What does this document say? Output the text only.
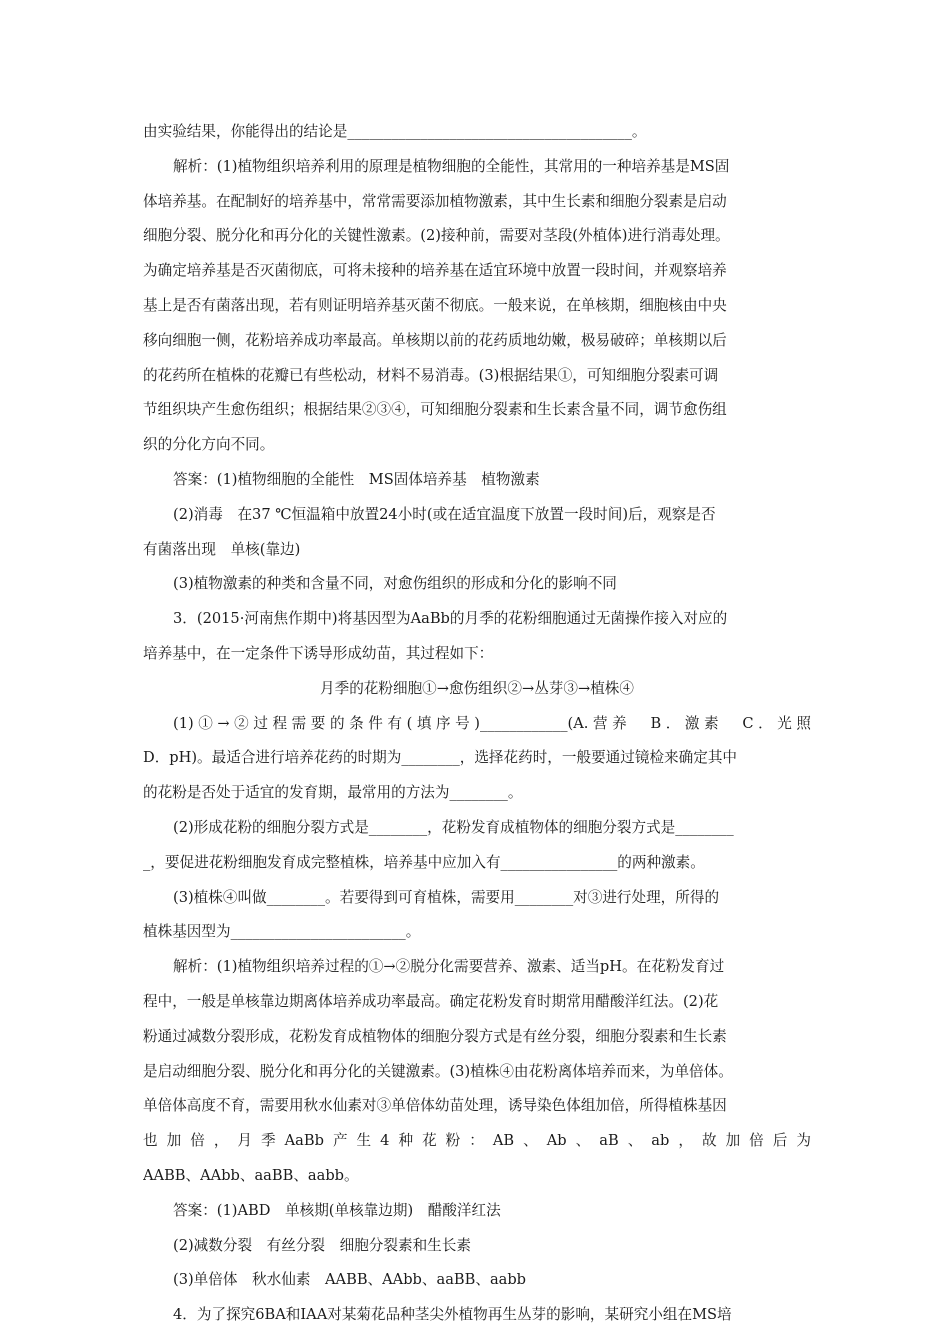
由实验结果，你能得出的结论是_______________________________________。
解析：(1)植物组织培养利用的原理是植物细胞的全能性，其常用的一种培养基是MS固
体培养基。在配制好的培养基中，常常需要添加植物激素，其中生长素和细胞分裂素是启动
细胞分裂、脱分化和再分化的关键性激素。(2)接种前，需要对茎段(外植体)进行消毒处理。
为确定培养基是否灭菌彻底，可将未接种的培养基在适宜环境中放置一段时间，并观察培养
基上是否有菌落出现，若有则证明培养基灭菌不彻底。一般来说，在单核期，细胞核由中央
移向细胞一侧，花粉培养成功率最高。单核期以前的花药质地幼嫩，极易破碎；单核期以后
的花药所在植株的花瓣已有些松动，材料不易消毒。(3)根据结果①，可知细胞分裂素可调
节组织块产生愈伤组织；根据结果②③④，可知细胞分裂素和生长素含量不同，调节愈伤组
织的分化方向不同。
答案：(1)植物细胞的全能性　MS固体培养基　植物激素
(2)消毒　在37 ℃恒温箱中放置24小时(或在适宜温度下放置一段时间)后，观察是否
有菌落出现　单核(靠边)
(3)植物激素的种类和含量不同，对愈伤组织的形成和分化的影响不同
3．(2015·河南焦作期中)将基因型为AaBb的月季的花粉细胞通过无菌操作接入对应的
培养基中，在一定条件下诱导形成幼苗，其过程如下：
月季的花粉细胞①→愈伤组织②→丛芽③→植株④
(1)①→②过程需要的条件有(填序号)____________(A.营养　B．激素　C．光照
D．pH)。最适合进行培养花药的时期为________，选择花药时，一般要通过镜检来确定其中
的花粉是否处于适宜的发育期，最常用的方法为________。
(2)形成花粉的细胞分裂方式是________，花粉发育成植物体的细胞分裂方式是________
_，要促进花粉细胞发育成完整植株，培养基中应加入有________________的两种激素。
(3)植株④叫做________。若要得到可育植株，需要用________对③进行处理，所得的
植株基因型为________________________。
解析：(1)植物组织培养过程的①→②脱分化需要营养、激素、适当pH。在花粉发育过
程中，一般是单核靠边期离体培养成功率最高。确定花粉发育时期常用醋酸洋红法。(2)花
粉通过减数分裂形成，花粉发育成植物体的细胞分裂方式是有丝分裂，细胞分裂素和生长素
是启动细胞分裂、脱分化和再分化的关键激素。(3)植株④由花粉离体培养而来，为单倍体。
单倍体高度不育，需要用秋水仙素对③单倍体幼苗处理，诱导染色体组加倍，所得植株基因
也加倍，月季AaBb产生4种花粉：AB、Ab、aB、ab，故加倍后为
AABB、AAbb、aaBB、aabb。
答案：(1)ABD　单核期(单核靠边期)　醋酸洋红法
(2)减数分裂　有丝分裂　细胞分裂素和生长素
(3)单倍体　秋水仙素　AABB、AAbb、aaBB、aabb
4．为了探究6BA和IAA对某菊花品种茎尖外植物再生丛芽的影响，某研究小组在MS培
